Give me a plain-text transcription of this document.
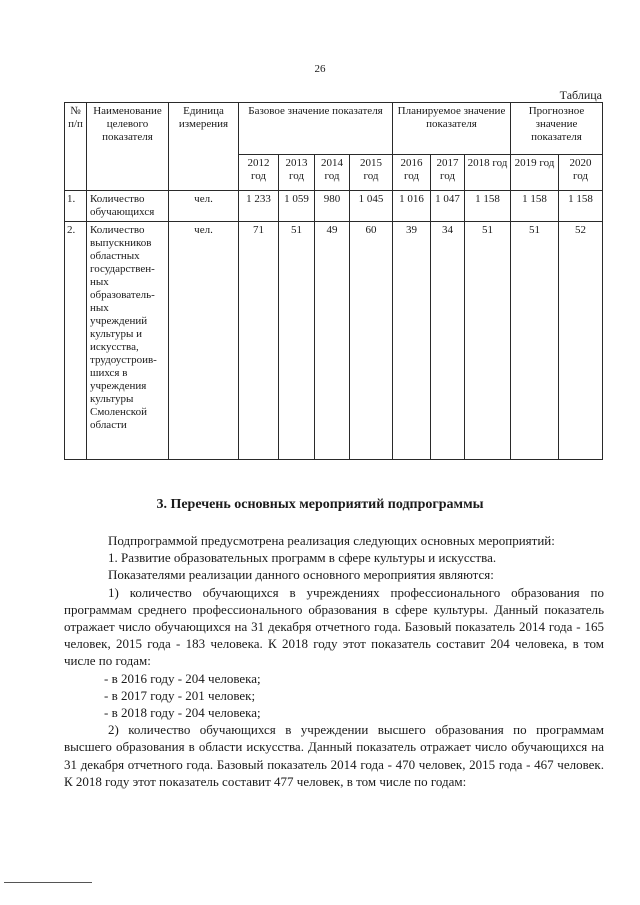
26
Таблица
№ п/п	Наименование целевого показателя	Единица измерения	Базовое значение показателя				Планируемое значение показателя			Прогнозное значение показателя	
			2012 год	2013 год	2014 год	2015 год	2016 год	2017 год	2018 год	2019 год	2020 год
1.	Количество обучающихся	чел.	1 233	1 059	980	1 045	1 016	1 047	1 158	1 158	1 158
2.	Количество выпускников областных государствен-ных образователь-ных учреждений культуры и искусства, трудоустроив-шихся в учреждения культуры Смоленской области	чел.	71	51	49	60	39	34	51	51	52
3. Перечень основных мероприятий подпрограммы

Подпрограммой предусмотрена реализация следующих основных мероприятий:

1. Развитие образовательных программ в сфере культуры и искусства.

Показателями реализации данного основного мероприятия являются:

1) количество обучающихся в учреждениях профессионального образования по программам среднего профессионального образования в сфере культуры. Данный показатель отражает число обучающихся на 31 декабря отчетного года. Базовый показатель 2014 года - 165 человек, 2015 года - 183 человека. К 2018 году этот показатель составит 204 человека, в том числе по годам:

- в 2016 году - 204 человека;

- в 2017 году - 201 человек;

- в 2018 году - 204 человека;

2) количество обучающихся в учреждении высшего образования по программам высшего образования в области искусства. Данный показатель отражает число обучающихся на 31 декабря отчетного года. Базовый показатель 2014 года - 470 человек, 2015 года - 467 человек. К 2018 году этот показатель составит 477 человек, в том числе по годам:
